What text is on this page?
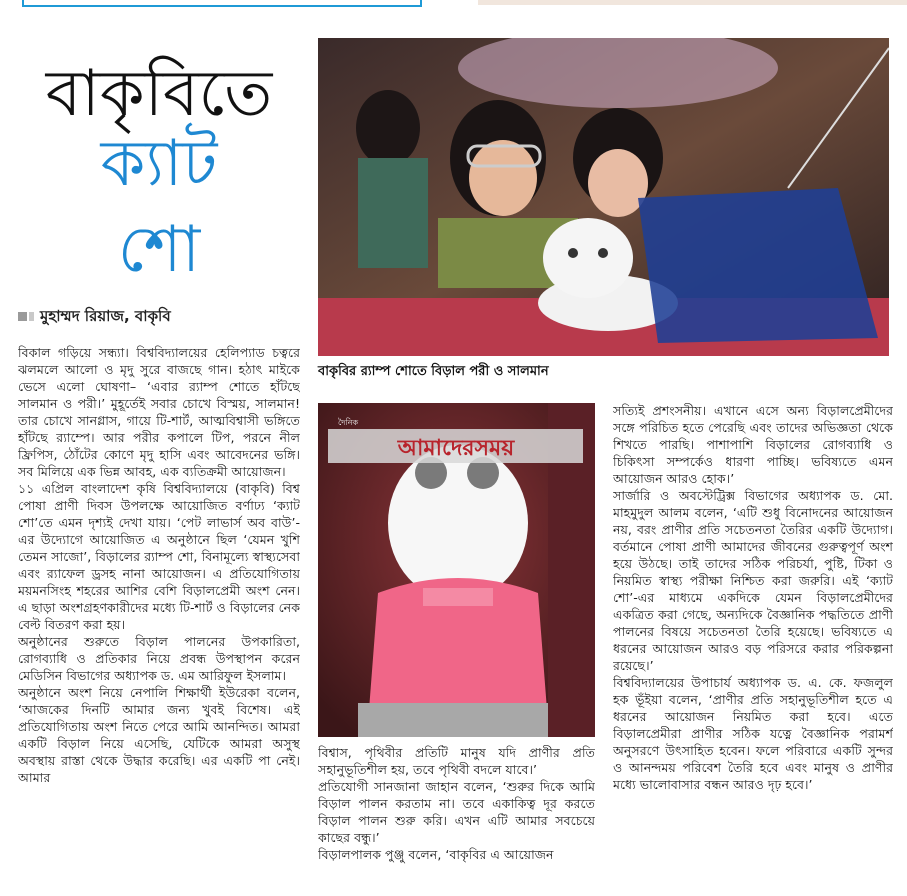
বাকৃবিতে
ক্যাট
শো
মুহাম্মদ রিয়াজ, বাকৃবি

বিকাল গড়িয়ে সন্ধ্যা। বিশ্ববিদ্যালয়ের হেলিপ্যাড চত্বরে ঝলমলে আলো ও মৃদু সুরে বাজছে গান। হঠাৎ মাইকে ভেসে এলো ঘোষণা– ‘এবার র‍্যাম্প শোতে হাঁটছে সালমান ও পরী।’ মুহূর্তেই সবার চোখে বিস্ময়, সালমান! তার চোখে সানগ্লাস, গায়ে টি-শার্ট, আত্মবিশ্বাসী ভঙ্গিতে হাঁটছে র‍্যাম্পে। আর পরীর কপালে টিপ, পরনে নীল ফ্রিপিস, ঠোঁটের কোণে মৃদু হাসি এবং আবেদনের ভঙ্গি। সব মিলিয়ে এক ভিন্ন আবহ, এক ব্যতিক্রমী আয়োজন।

১১ এপ্রিল বাংলাদেশ কৃষি বিশ্ববিদ্যালয়ে (বাকৃবি) বিশ্ব পোষা প্রাণী দিবস উপলক্ষে আয়োজিত বর্ণাঢ্য ‘ক্যাট শো’তে এমন দৃশ্যই দেখা যায়। ‘পেট লাভার্স অব বাউ’-এর উদ্যোগে আয়োজিত এ অনুষ্ঠানে ছিল ‘যেমন খুশি তেমন সাজো’, বিড়ালের র‍্যাম্প শো, বিনামূল্যে স্বাস্থ্যসেবা এবং র‍্যাফেল ড্রসহ নানা আয়োজন। এ প্রতিযোগিতায় ময়মনসিংহ শহরের আশির বেশি বিড়ালপ্রেমী অংশ নেন। এ ছাড়া অংশগ্রহণকারীদের মধ্যে টি-শার্ট ও বিড়ালের নেক বেল্ট বিতরণ করা হয়।

অনুষ্ঠানের শুরুতে বিড়াল পালনের উপকারিতা, রোগব্যাধি ও প্রতিকার নিয়ে প্রবন্ধ উপস্থাপন করেন মেডিসিন বিভাগের অধ্যাপক ড. এম আরিফুল ইসলাম।

অনুষ্ঠানে অংশ নিয়ে নেপালি শিক্ষার্থী ইউরেকা বলেন, ‘আজকের দিনটি আমার জন্য খুবই বিশেষ। এই প্রতিযোগিতায় অংশ নিতে পেরে আমি আনন্দিত। আমরা একটি বিড়াল নিয়ে এসেছি, যেটিকে আমরা অসুস্থ অবস্থায় রাস্তা থেকে উদ্ধার করেছি। এর একটি পা নেই। আমার

বাকৃবির র‍্যাম্প শোতে বিড়াল পরী ও সালমান
আমাদেরসময়
দৈনিক

বিশ্বাস, পৃথিবীর প্রতিটি মানুষ যদি প্রাণীর প্রতি সহানুভূতিশীল হয়, তবে পৃথিবী বদলে যাবে।’

প্রতিযোগী সানজানা জাহান বলেন, ‘শুরুর দিকে আমি বিড়াল পালন করতাম না। তবে একাকিত্ব দূর করতে বিড়াল পালন শুরু করি। এখন এটি আমার সবচেয়ে কাছের বন্ধু।’

বিড়ালপালক পুঞ্জু বলেন, ‘বাকৃবির এ আয়োজন

সত্যিই প্রশংসনীয়। এখানে এসে অন্য বিড়ালপ্রেমীদের সঙ্গে পরিচিত হতে পেরেছি এবং তাদের অভিজ্ঞতা থেকে শিখতে পারছি। পাশাপাশি বিড়ালের রোগব্যাধি ও চিকিৎসা সম্পর্কেও ধারণা পাচ্ছি। ভবিষ্যতে এমন আয়োজন আরও হোক।’

সার্জারি ও অবস্টেট্রিক্স বিভাগের অধ্যাপক ড. মো. মাহমুদুল আলম বলেন, ‘এটি শুধু বিনোদনের আয়োজন নয়, বরং প্রাণীর প্রতি সচেতনতা তৈরির একটি উদ্যোগ। বর্তমানে পোষা প্রাণী আমাদের জীবনের গুরুত্বপূর্ণ অংশ হয়ে উঠছে। তাই তাদের সঠিক পরিচর্যা, পুষ্টি, টিকা ও নিয়মিত স্বাস্থ্য পরীক্ষা নিশ্চিত করা জরুরি। এই ‘ক্যাট শো’-এর মাধ্যমে একদিকে যেমন বিড়ালপ্রেমীদের একত্রিত করা গেছে, অন্যদিকে বৈজ্ঞানিক পদ্ধতিতে প্রাণী পালনের বিষয়ে সচেতনতা তৈরি হয়েছে। ভবিষ্যতে এ ধরনের আয়োজন আরও বড় পরিসরে করার পরিকল্পনা রয়েছে।’

বিশ্ববিদ্যালয়ের উপাচার্য অধ্যাপক ড. এ. কে. ফজলুল হক ভূঁইয়া বলেন, ‘প্রাণীর প্রতি সহানুভূতিশীল হতে এ ধরনের আয়োজন নিয়মিত করা হবে। এতে বিড়ালপ্রেমীরা প্রাণীর সঠিক যত্নে বৈজ্ঞানিক পরামর্শ অনুসরণে উৎসাহিত হবেন। ফলে পরিবারে একটি সুন্দর ও আনন্দময় পরিবেশ তৈরি হবে এবং মানুষ ও প্রাণীর মধ্যে ভালোবাসার বন্ধন আরও দৃঢ় হবে।’
